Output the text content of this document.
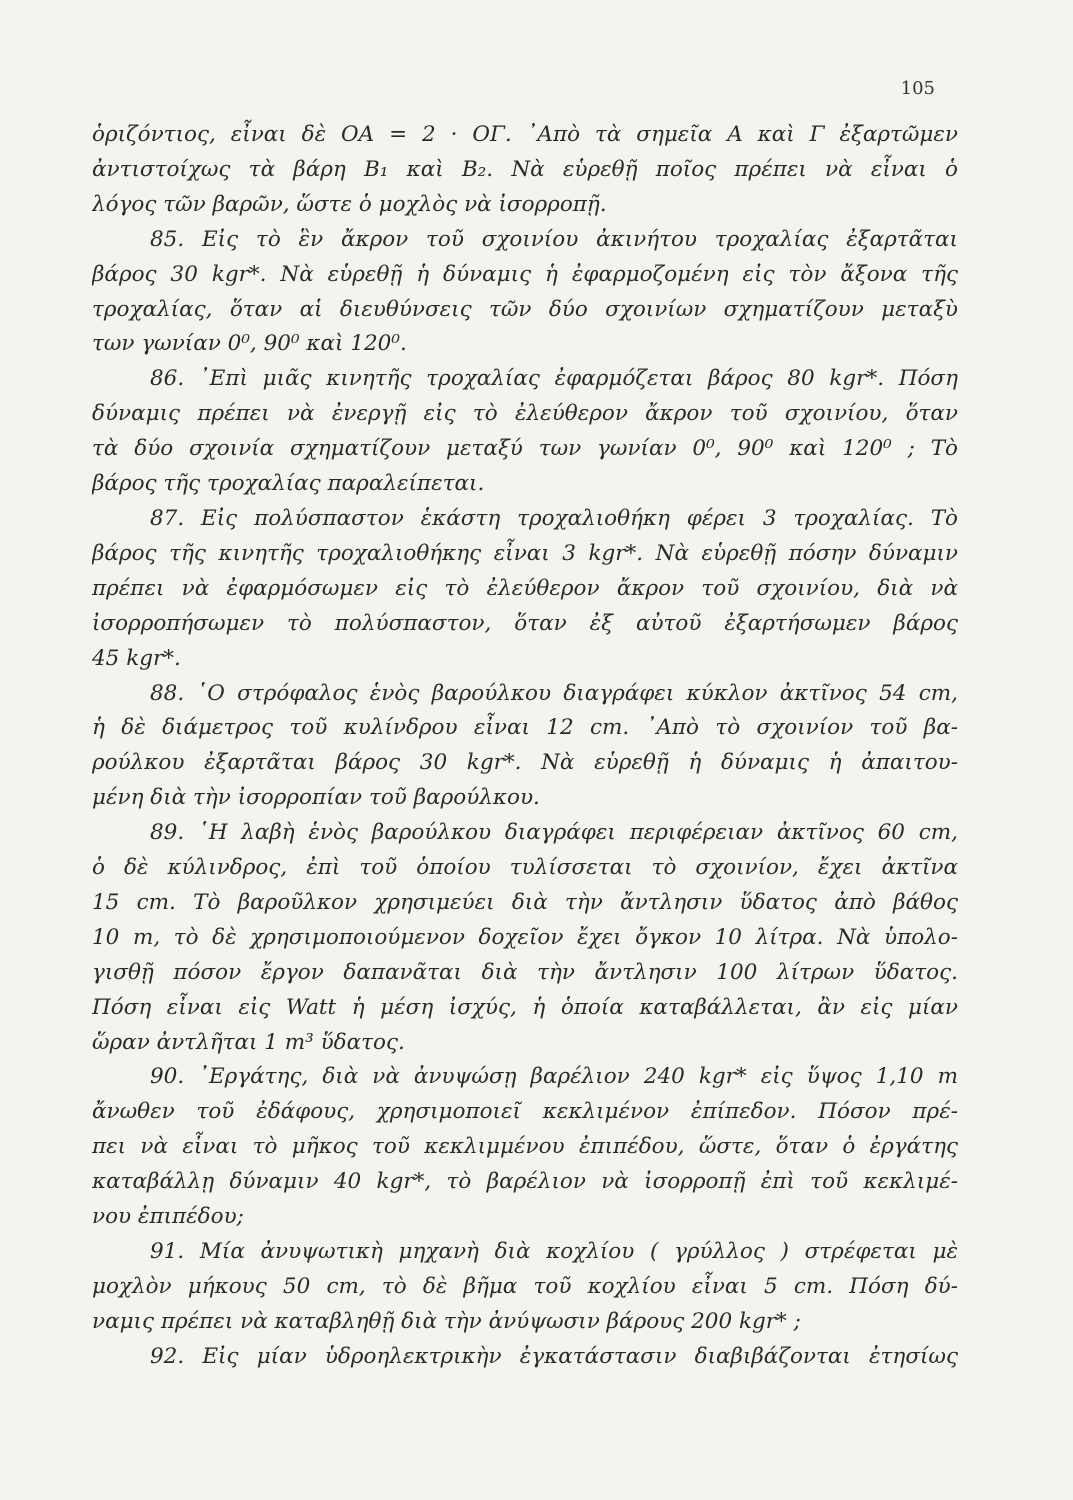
105
ὁριζόντιος, εἶναι δὲ ΟΑ = 2 · ΟΓ. ᾿Απὸ τὰ σημεῖα Α καὶ Γ ἐξαρτῶμεν
ἀντιστοίχως τὰ βάρη B₁ καὶ B₂. Νὰ εὑρεθῇ ποῖος πρέπει νὰ εἶναι ὁ
λόγος τῶν βαρῶν, ὥστε ὁ μοχλὸς νὰ ἰσορροπῇ.
85. Εἰς τὸ ἓν ἄκρον τοῦ σχοινίου ἀκινήτου τροχαλίας ἐξαρτᾶται
βάρος 30 kgr*. Νὰ εὑρεθῇ ἡ δύναμις ἡ ἐφαρμοζομένη εἰς τὸν ἄξονα τῆς
τροχαλίας, ὅταν αἱ διευθύνσεις τῶν δύο σχοινίων σχηματίζουν μεταξὺ
των γωνίαν 0⁰, 90⁰ καὶ 120⁰.
86. ᾿Επὶ μιᾶς κινητῆς τροχαλίας ἐφαρμόζεται βάρος 80 kgr*. Πόση
δύναμις πρέπει νὰ ἐνεργῇ εἰς τὸ ἐλεύθερον ἄκρον τοῦ σχοινίου, ὅταν
τὰ δύο σχοινία σχηματίζουν μεταξύ των γωνίαν 0⁰, 90⁰ καὶ 120⁰ ; Τὸ
βάρος τῆς τροχαλίας παραλείπεται.
87. Εἰς πολύσπαστον ἑκάστη τροχαλιοθήκη φέρει 3 τροχαλίας. Τὸ
βάρος τῆς κινητῆς τροχαλιοθήκης εἶναι 3 kgr*. Νὰ εὑρεθῇ πόσην δύναμιν
πρέπει νὰ ἐφαρμόσωμεν εἰς τὸ ἐλεύθερον ἄκρον τοῦ σχοινίου, διὰ νὰ
ἰσορροπήσωμεν τὸ πολύσπαστον, ὅταν ἐξ αὐτοῦ ἐξαρτήσωμεν βάρος
45 kgr*.
88. ῾Ο στρόφαλος ἑνὸς βαρούλκου διαγράφει κύκλον ἀκτῖνος 54 cm,
ἡ δὲ διάμετρος τοῦ κυλίνδρου εἶναι 12 cm. ᾿Απὸ τὸ σχοινίον τοῦ βα-
ρούλκου ἐξαρτᾶται βάρος 30 kgr*. Νὰ εὑρεθῇ ἡ δύναμις ἡ ἀπαιτου-
μένη διὰ τὴν ἰσορροπίαν τοῦ βαρούλκου.
89. ῾Η λαβὴ ἑνὸς βαρούλκου διαγράφει περιφέρειαν ἀκτῖνος 60 cm,
ὁ δὲ κύλινδρος, ἐπὶ τοῦ ὁποίου τυλίσσεται τὸ σχοινίον, ἔχει ἀκτῖνα
15 cm. Τὸ βαροῦλκον χρησιμεύει διὰ τὴν ἄντλησιν ὕδατος ἀπὸ βάθος
10 m, τὸ δὲ χρησιμοποιούμενον δοχεῖον ἔχει ὄγκον 10 λίτρα. Νὰ ὑπολο-
γισθῇ πόσον ἔργον δαπανᾶται διὰ τὴν ἄντλησιν 100 λίτρων ὕδατος.
Πόση εἶναι εἰς Watt ἡ μέση ἰσχύς, ἡ ὁποία καταβάλλεται, ἂν εἰς μίαν
ὥραν ἀντλῆται 1 m³ ὕδατος.
90. ᾿Εργάτης, διὰ νὰ ἀνυψώσῃ βαρέλιον 240 kgr* εἰς ὕψος 1,10 m
ἄνωθεν τοῦ ἐδάφους, χρησιμοποιεῖ κεκλιμένον ἐπίπεδον. Πόσον πρέ-
πει νὰ εἶναι τὸ μῆκος τοῦ κεκλιμμένου ἐπιπέδου, ὥστε, ὅταν ὁ ἐργάτης
καταβάλλῃ δύναμιν 40 kgr*, τὸ βαρέλιον νὰ ἰσορροπῇ ἐπὶ τοῦ κεκλιμέ-
νου ἐπιπέδου;
91. Μία ἀνυψωτικὴ μηχανὴ διὰ κοχλίου ( γρύλλος ) στρέφεται μὲ
μοχλὸν μήκους 50 cm, τὸ δὲ βῆμα τοῦ κοχλίου εἶναι 5 cm. Πόση δύ-
ναμις πρέπει νὰ καταβληθῇ διὰ τὴν ἀνύψωσιν βάρους 200 kgr* ;
92. Εἰς μίαν ὑδροηλεκτρικὴν ἐγκατάστασιν διαβιβάζονται ἐτησίως
